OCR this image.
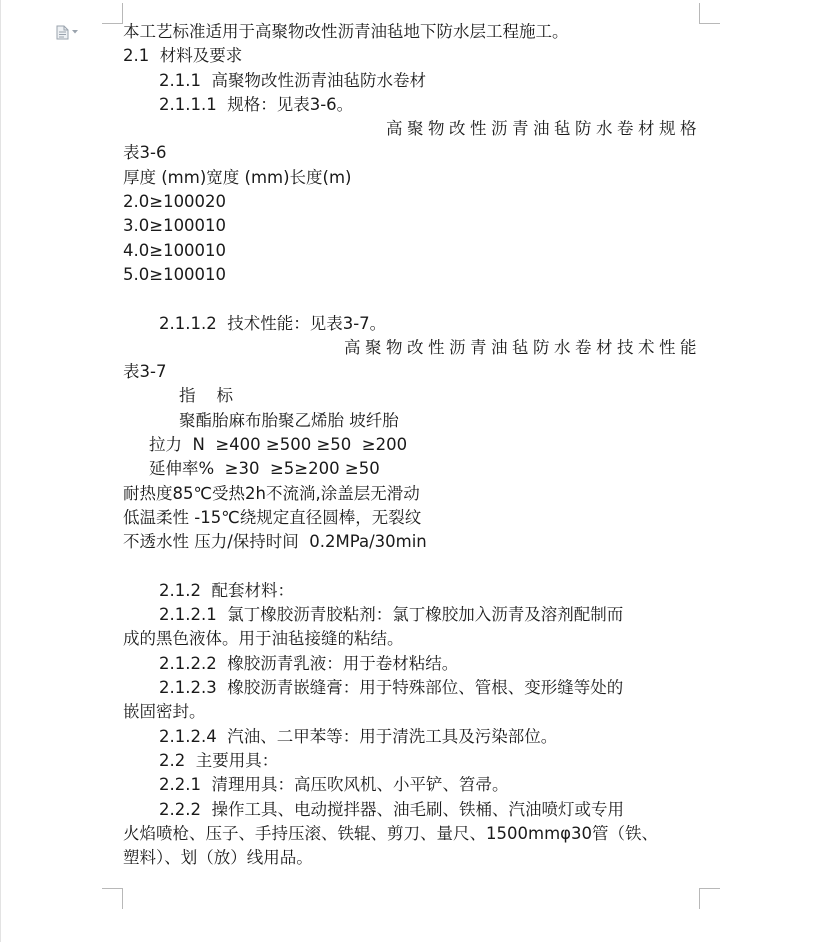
本工艺标准适用于高聚物改性沥青油毡地下防水层工程施工。
2.1  材料及要求
2.1.1  高聚物改性沥青油毡防水卷材
2.1.1.1  规格：见表3-6。
高聚物改性沥青油毡防水卷材规格
表3-6
厚度 (mm)宽度 (mm)长度(m)
2.0≥100020
3.0≥100010
4.0≥100010
5.0≥100010
2.1.1.2  技术性能：见表3-7。
高聚物改性沥青油毡防水卷材技术性能
表3-7
指    标
聚酯胎麻布胎聚乙烯胎 坡纤胎
拉力  N  ≥400 ≥500 ≥50  ≥200
延伸率%  ≥30  ≥5≥200 ≥50
耐热度85℃受热2h不流淌,涂盖层无滑动
低温柔性 -15℃绕规定直径圆棒，无裂纹
不透水性 压力/保持时间  0.2MPa/30min
2.1.2  配套材料：
2.1.2.1  氯丁橡胶沥青胶粘剂：氯丁橡胶加入沥青及溶剂配制而
成的黑色液体。用于油毡接缝的粘结。
2.1.2.2  橡胶沥青乳液：用于卷材粘结。
2.1.2.3  橡胶沥青嵌缝膏：用于特殊部位、管根、变形缝等处的
嵌固密封。
2.1.2.4  汽油、二甲苯等：用于清洗工具及污染部位。
2.2  主要用具：
2.2.1  清理用具：高压吹风机、小平铲、笤帚。
2.2.2  操作工具、电动搅拌器、油毛刷、铁桶、汽油喷灯或专用
火焰喷枪、压子、手持压滚、铁辊、剪刀、量尺、1500mmφ30管（铁、
塑料）、划（放）线用品。
